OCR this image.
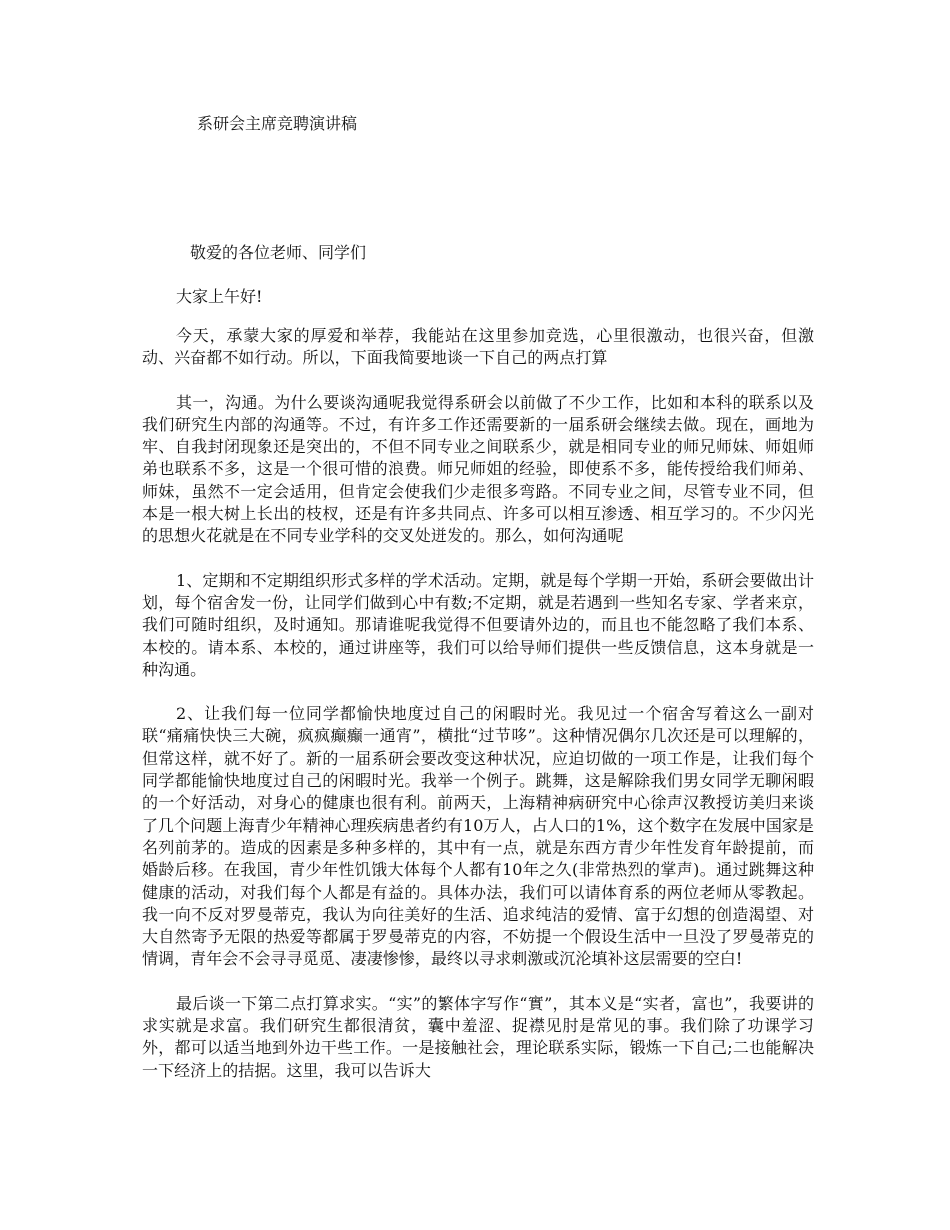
系研会主席竞聘演讲稿
敬爱的各位老师、同学们
大家上午好!

今天，承蒙大家的厚爱和举荐，我能站在这里参加竞选，心里很激动，也很兴奋，但激动、兴奋都不如行动。所以，下面我简要地谈一下自己的两点打算

其一，沟通。为什么要谈沟通呢我觉得系研会以前做了不少工作，比如和本科的联系以及我们研究生内部的沟通等。不过，有许多工作还需要新的一届系研会继续去做。现在，画地为牢、自我封闭现象还是突出的，不但不同专业之间联系少，就是相同专业的师兄师妹、师姐师弟也联系不多，这是一个很可惜的浪费。师兄师姐的经验，即使系不多，能传授给我们师弟、师妹，虽然不一定会适用，但肯定会使我们少走很多弯路。不同专业之间，尽管专业不同，但本是一根大树上长出的枝杈，还是有许多共同点、许多可以相互渗透、相互学习的。不少闪光的思想火花就是在不同专业学科的交叉处迸发的。那么，如何沟通呢

1、定期和不定期组织形式多样的学术活动。定期，就是每个学期一开始，系研会要做出计划，每个宿舍发一份，让同学们做到心中有数;不定期，就是若遇到一些知名专家、学者来京，我们可随时组织，及时通知。那请谁呢我觉得不但要请外边的，而且也不能忽略了我们本系、本校的。请本系、本校的，通过讲座等，我们可以给导师们提供一些反馈信息，这本身就是一种沟通。

2、让我们每一位同学都愉快地度过自己的闲暇时光。我见过一个宿舍写着这么一副对联“痛痛快快三大碗，疯疯癫癫一通宵”，横批“过节哆”。这种情况偶尔几次还是可以理解的，但常这样，就不好了。新的一届系研会要改变这种状况，应迫切做的一项工作是，让我们每个同学都能愉快地度过自己的闲暇时光。我举一个例子。跳舞，这是解除我们男女同学无聊闲暇的一个好活动，对身心的健康也很有利。前两天，上海精神病研究中心徐声汉教授访美归来谈了几个问题上海青少年精神心理疾病患者约有10万人，占人口的1%，这个数字在发展中国家是名列前茅的。造成的因素是多种多样的，其中有一点，就是东西方青少年性发育年龄提前，而婚龄后移。在我国，青少年性饥饿大体每个人都有10年之久(非常热烈的掌声)。通过跳舞这种健康的活动，对我们每个人都是有益的。具体办法，我们可以请体育系的两位老师从零教起。我一向不反对罗曼蒂克，我认为向往美好的生活、追求纯洁的爱情、富于幻想的创造渴望、对大自然寄予无限的热爱等都属于罗曼蒂克的内容，不妨提一个假设生活中一旦没了罗曼蒂克的情调，青年会不会寻寻觅觅、凄凄惨惨，最终以寻求刺激或沉沦填补这层需要的空白!

最后谈一下第二点打算求实。“实”的繁体字写作“實”，其本义是“实者，富也”，我要讲的求实就是求富。我们研究生都很清贫，囊中羞涩、捉襟见肘是常见的事。我们除了功课学习外，都可以适当地到外边干些工作。一是接触社会，理论联系实际，锻炼一下自己;二也能解决一下经济上的拮据。这里，我可以告诉大
